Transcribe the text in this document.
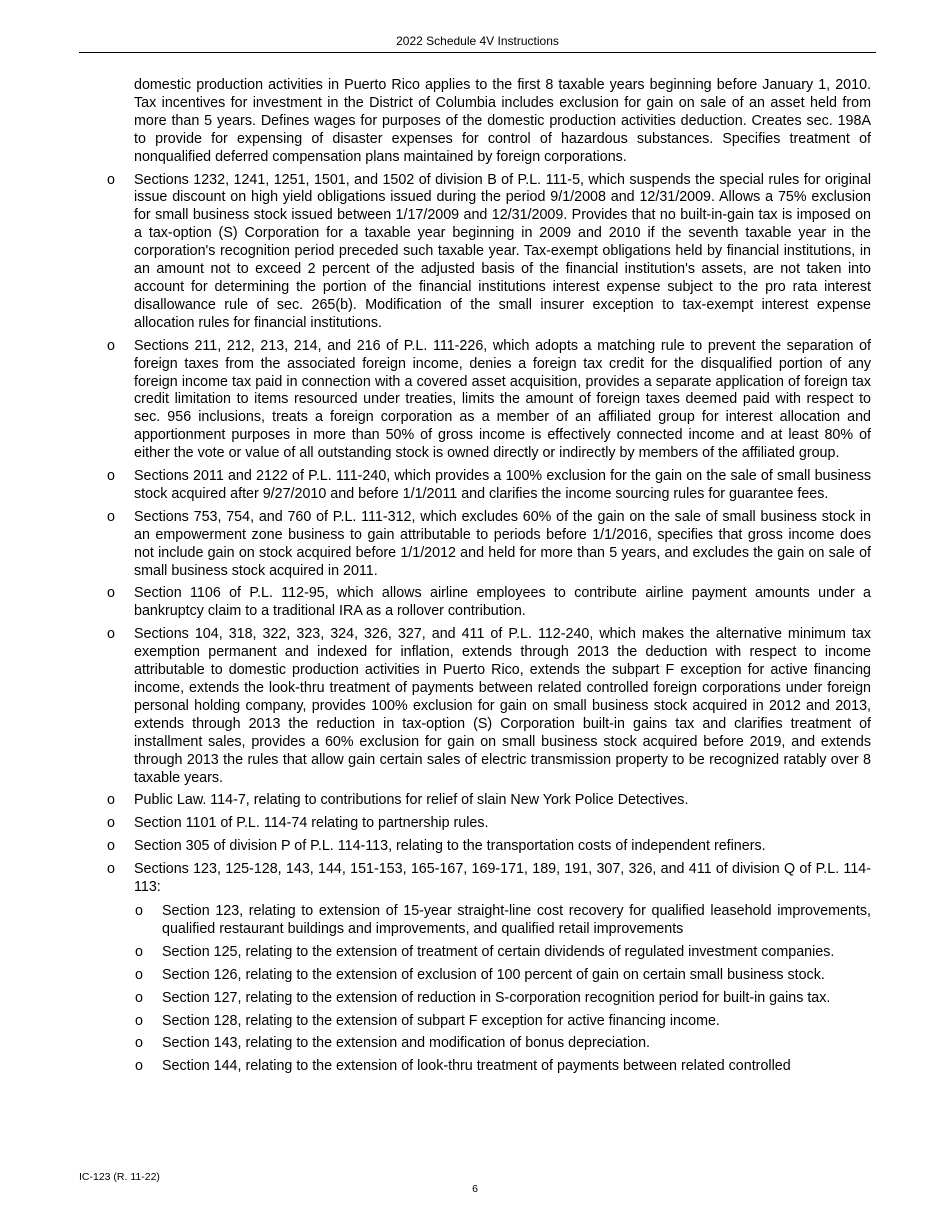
2022 Schedule 4V Instructions

domestic production activities in Puerto Rico applies to the first 8 taxable years beginning before January 1, 2010. Tax incentives for investment in the District of Columbia includes exclusion for gain on sale of an asset held from more than 5 years. Defines wages for purposes of the domestic production activities deduction. Creates sec. 198A to provide for expensing of disaster expenses for control of hazardous substances. Specifies treatment of nonqualified deferred compensation plans maintained by foreign corporations.

o Sections 1232, 1241, 1251, 1501, and 1502 of division B of P.L. 111-5, which suspends the special rules for original issue discount on high yield obligations issued during the period 9/1/2008 and 12/31/2009. Allows a 75% exclusion for small business stock issued between 1/17/2009 and 12/31/2009. Provides that no built-in-gain tax is imposed on a tax-option (S) Corporation for a taxable year beginning in 2009 and 2010 if the seventh taxable year in the corporation's recognition period preceded such taxable year. Tax-exempt obligations held by financial institutions, in an amount not to exceed 2 percent of the adjusted basis of the financial institution's assets, are not taken into account for determining the portion of the financial institutions interest expense subject to the pro rata interest disallowance rule of sec. 265(b). Modification of the small insurer exception to tax-exempt interest expense allocation rules for financial institutions.
o Sections 211, 212, 213, 214, and 216 of P.L. 111-226, which adopts a matching rule to prevent the separation of foreign taxes from the associated foreign income, denies a foreign tax credit for the disqualified portion of any foreign income tax paid in connection with a covered asset acquisition, provides a separate application of foreign tax credit limitation to items resourced under treaties, limits the amount of foreign taxes deemed paid with respect to sec. 956 inclusions, treats a foreign corporation as a member of an affiliated group for interest allocation and apportionment purposes in more than 50% of gross income is effectively connected income and at least 80% of either the vote or value of all outstanding stock is owned directly or indirectly by members of the affiliated group.
o Sections 2011 and 2122 of P.L. 111-240, which provides a 100% exclusion for the gain on the sale of small business stock acquired after 9/27/2010 and before 1/1/2011 and clarifies the income sourcing rules for guarantee fees.
o Sections 753, 754, and 760 of P.L. 111-312, which excludes 60% of the gain on the sale of small business stock in an empowerment zone business to gain attributable to periods before 1/1/2016, specifies that gross income does not include gain on stock acquired before 1/1/2012 and held for more than 5 years, and excludes the gain on sale of small business stock acquired in 2011.
o Section 1106 of P.L. 112-95, which allows airline employees to contribute airline payment amounts under a bankruptcy claim to a traditional IRA as a rollover contribution.
o Sections 104, 318, 322, 323, 324, 326, 327, and 411 of P.L. 112-240, which makes the alternative minimum tax exemption permanent and indexed for inflation, extends through 2013 the deduction with respect to income attributable to domestic production activities in Puerto Rico, extends the subpart F exception for active financing income, extends the look-thru treatment of payments between related controlled foreign corporations under foreign personal holding company, provides 100% exclusion for gain on small business stock acquired in 2012 and 2013, extends through 2013 the reduction in tax-option (S) Corporation built-in gains tax and clarifies treatment of installment sales, provides a 60% exclusion for gain on small business stock acquired before 2019, and extends through 2013 the rules that allow gain certain sales of electric transmission property to be recognized ratably over 8 taxable years.
o Public Law. 114-7, relating to contributions for relief of slain New York Police Detectives.
o Section 1101 of P.L. 114-74 relating to partnership rules.
o Section 305 of division P of P.L. 114-113, relating to the transportation costs of independent refiners.
o Sections 123, 125-128, 143, 144, 151-153, 165-167, 169-171, 189, 191, 307, 326, and 411 of division Q of P.L. 114-113:
o Section 123, relating to extension of 15-year straight-line cost recovery for qualified leasehold improvements, qualified restaurant buildings and improvements, and qualified retail improvements
o Section 125, relating to the extension of treatment of certain dividends of regulated investment companies.
o Section 126, relating to the extension of exclusion of 100 percent of gain on certain small business stock.
o Section 127, relating to the extension of reduction in S-corporation recognition period for built-in gains tax.
o Section 128, relating to the extension of subpart F exception for active financing income.
o Section 143, relating to the extension and modification of bonus depreciation.
o Section 144, relating to the extension of look-thru treatment of payments between related controlled
IC-123 (R. 11-22)
6
